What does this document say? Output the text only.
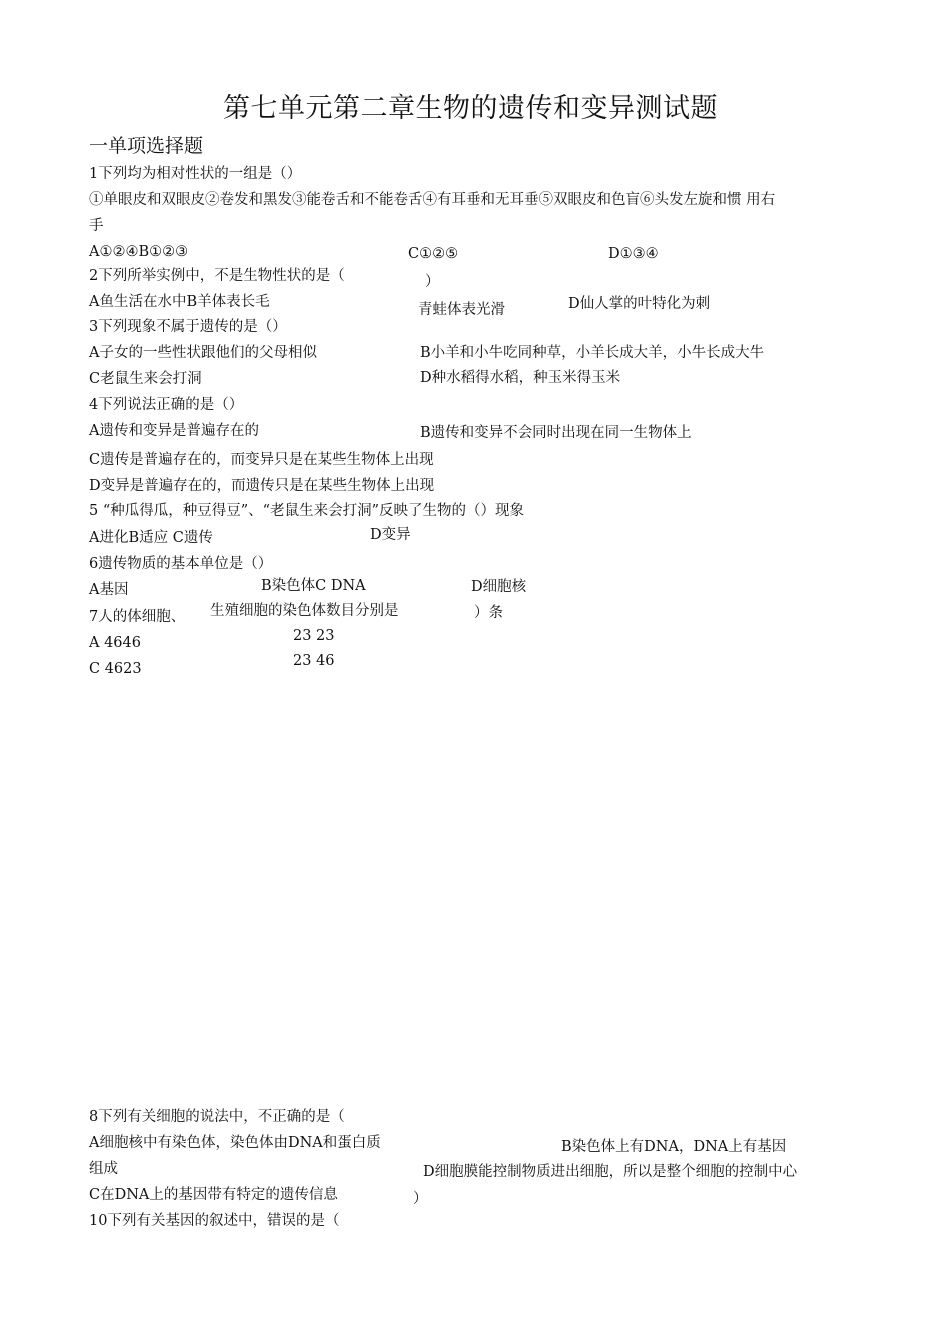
第七单元第二章生物的遗传和变异测试题
一单项选择题
1下列均为相对性状的一组是（）
①单眼皮和双眼皮②卷发和黑发③能卷舌和不能卷舌④有耳垂和无耳垂⑤双眼皮和色盲⑥头发左旋和惯 用右
手
A①②④B①②③	C①②⑤	D①③④
2下列所举实例中，不是生物性状的是（	）
A鱼生活在水中B羊体表长毛	青蛙体表光滑	D仙人掌的叶特化为刺
3下列现象不属于遗传的是（）
A子女的一些性状跟他们的父母相似	B小羊和小牛吃同种草，小羊长成大羊，小牛长成大牛
C老鼠生来会打洞	D种水稻得水稻，种玉米得玉米
4下列说法正确的是（）
A遗传和变异是普遍存在的	B遗传和变异不会同时出现在同一生物体上
C遗传是普遍存在的，而变异只是在某些生物体上出现
D变异是普遍存在的，而遗传只是在某些生物体上出现
5 “种瓜得瓜，种豆得豆”、“老鼠生来会打洞”反映了生物的（）现象
A进化B适应 C遗传	D变异
6遗传物质的基本单位是（）
A基因	B染色体C DNA	D细胞核
7人的体细胞、 生殖细胞的染色体数目分别是	）条
A 4646	23 23
C 4623	23 46
8下列有关细胞的说法中，不正确的是（
A细胞核中有染色体，染色体由DNA和蛋白质	B染色体上有DNA，DNA上有基因
组成	D细胞膜能控制物质进出细胞，所以是整个细胞的控制中心
C在DNA上的基因带有特定的遗传信息	）
10下列有关基因的叙述中，错误的是（
